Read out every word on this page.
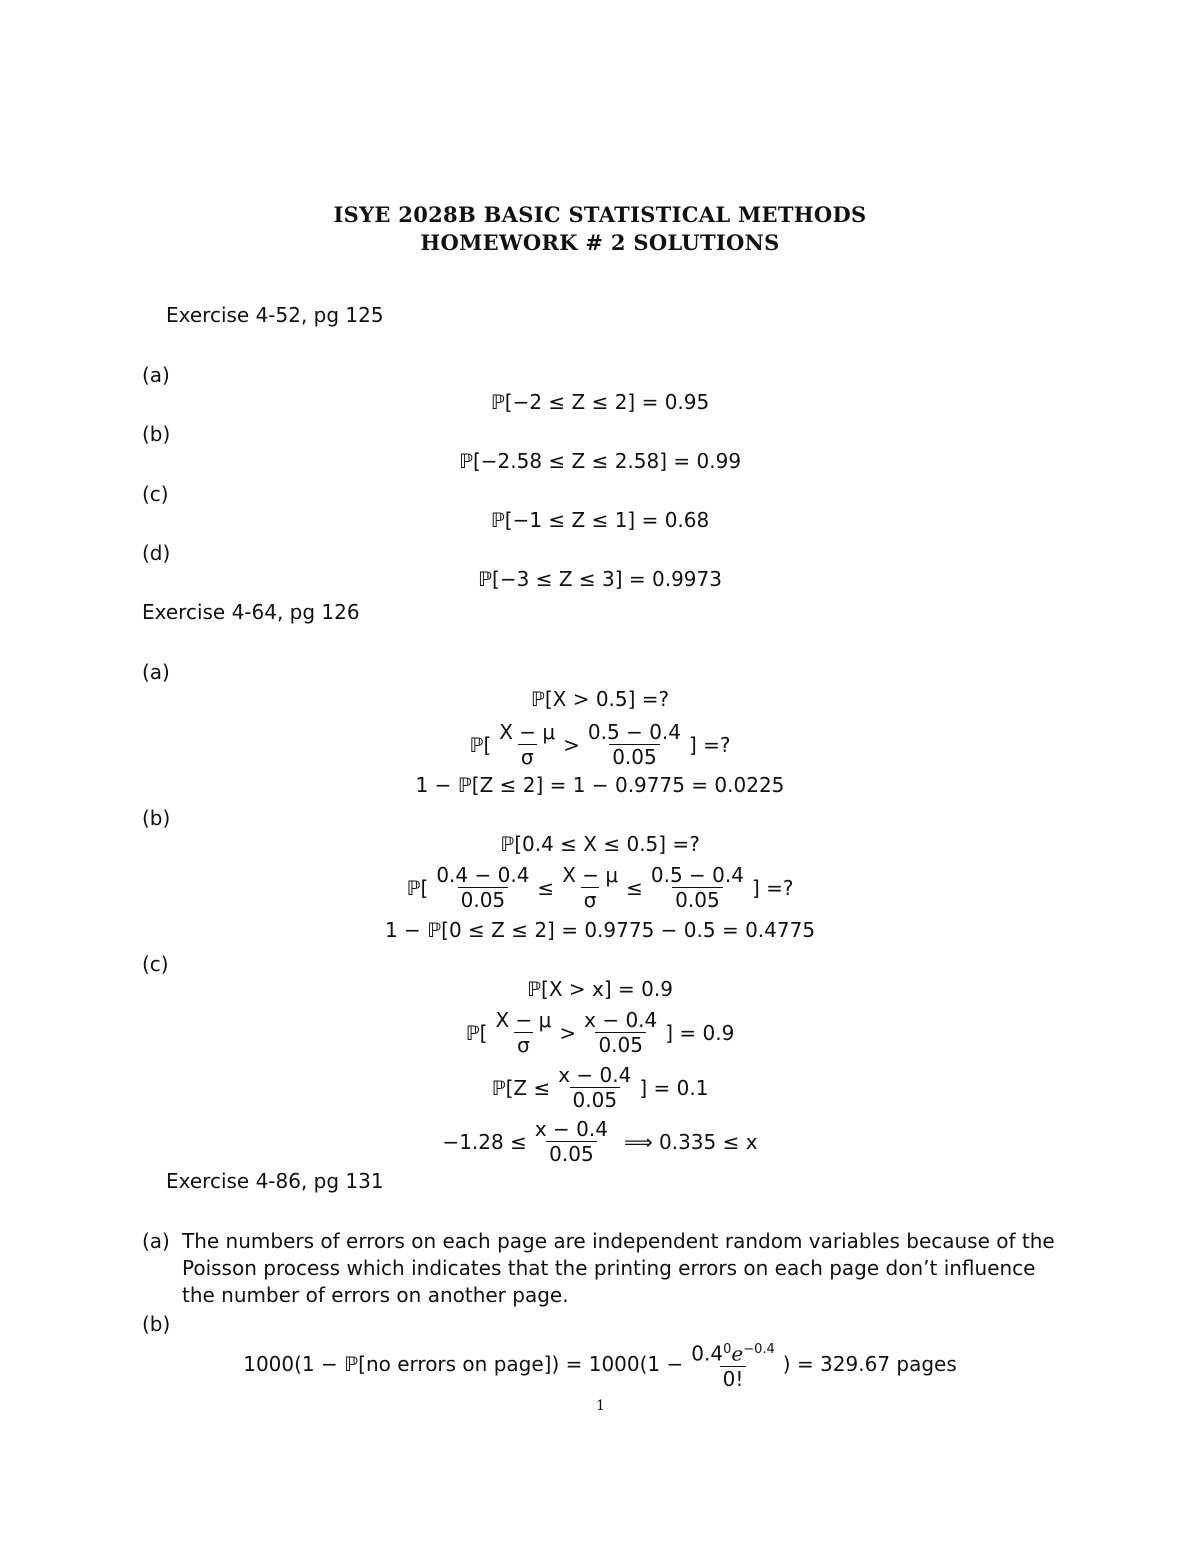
ISYE 2028B BASIC STATISTICAL METHODS
HOMEWORK # 2 SOLUTIONS
Exercise 4-52, pg 125
(a)
ℙ[−2 ≤ Z ≤ 2] = 0.95
(b)
ℙ[−2.58 ≤ Z ≤ 2.58] = 0.99
(c)
ℙ[−1 ≤ Z ≤ 1] = 0.68
(d)
ℙ[−3 ≤ Z ≤ 3] = 0.9973
Exercise 4-64, pg 126
(a)
ℙ[X > 0.5] =?
ℙ[ $\frac{X - \mu}{\sigma} > \frac{0.5 - 0.4}{0.05}$ ] =?
1 − ℙ[Z ≤ 2] = 1 − 0.9775 = 0.0225
(b)
ℙ[0.4 ≤ X ≤ 0.5] =?
ℙ[ $\frac{0.4 - 0.4}{0.05} \le \frac{X - \mu}{\sigma} \le \frac{0.5 - 0.4}{0.05}$ ] =?
1 − ℙ[0 ≤ Z ≤ 2] = 0.9775 − 0.5 = 0.4775
(c)
ℙ[X > x] = 0.9
ℙ[ $\frac{X - \mu}{\sigma} > \frac{x - 0.4}{0.05}$ ] = 0.9
ℙ[Z ≤ $\frac{x - 0.4}{0.05}$ ] = 0.1
$-1.28 \le \frac{x - 0.4}{0.05}$ ⟹ 0.335 ≤ x
Exercise 4-86, pg 131
(a) The numbers of errors on each page are independent random variables because of the Poisson process which indicates that the printing errors on each page don’t influence the number of errors on another page.
(b)
1000(1 − ℙ[no errors on page]) = $1000(1 - \frac{0.4^0e^{-0.4}}{0!}$ ) = 329.67 pages
1
